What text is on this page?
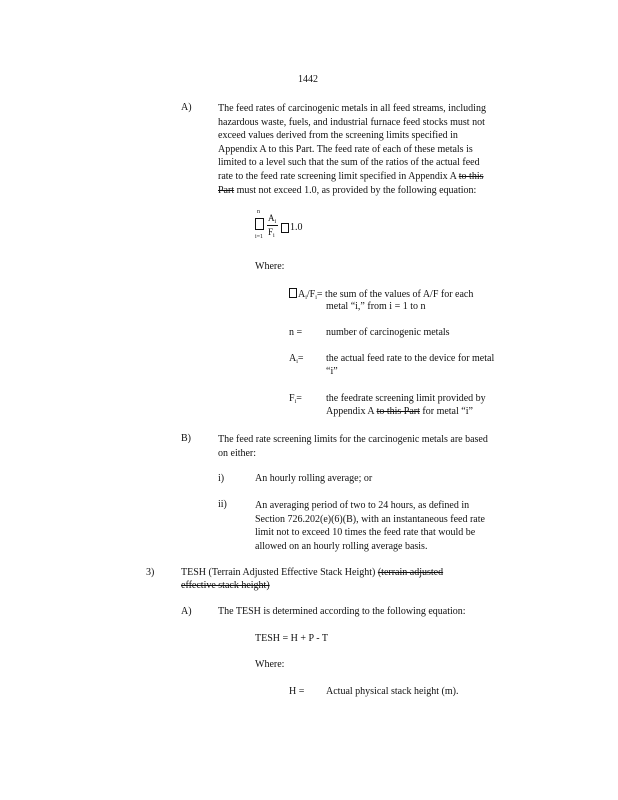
1442
A)	The feed rates of carcinogenic metals in all feed streams, including
hazardous waste, fuels, and industrial furnace feed stocks must not
exceed values derived from the screening limits specified in
Appendix A to this Part. The feed rate of each of these metals is
limited to a level such that the sum of the ratios of the actual feed
rate to the feed rate screening limit specified in Appendix A to this
Part must not exceed 1.0, as provided by the following equation:
n
i=1
$A_i$
$F_i$
1.0
Where:
$A_i/F_i=$ the sum of the values of A/F for each
metal “i,” from i = 1 to n
n = number of carcinogenic metals
$A_i=$ the actual feed rate to the device for metal
“i”
$F_i=$ the feedrate screening limit provided by
Appendix A to this Part for metal “i”
B)	The feed rate screening limits for the carcinogenic metals are based
on either:
i)	An hourly rolling average; or
ii)	An averaging period of two to 24 hours, as defined in
Section 726.202(e)(6)(B), with an instantaneous feed rate
limit not to exceed 10 times the feed rate that would be
allowed on an hourly rolling average basis.
3)	TESH (Terrain Adjusted Effective Stack Height) (terrain adjusted
effective stack height)
A)	The TESH is determined according to the following equation:
TESH = H + P - T
Where:
H = Actual physical stack height (m).
